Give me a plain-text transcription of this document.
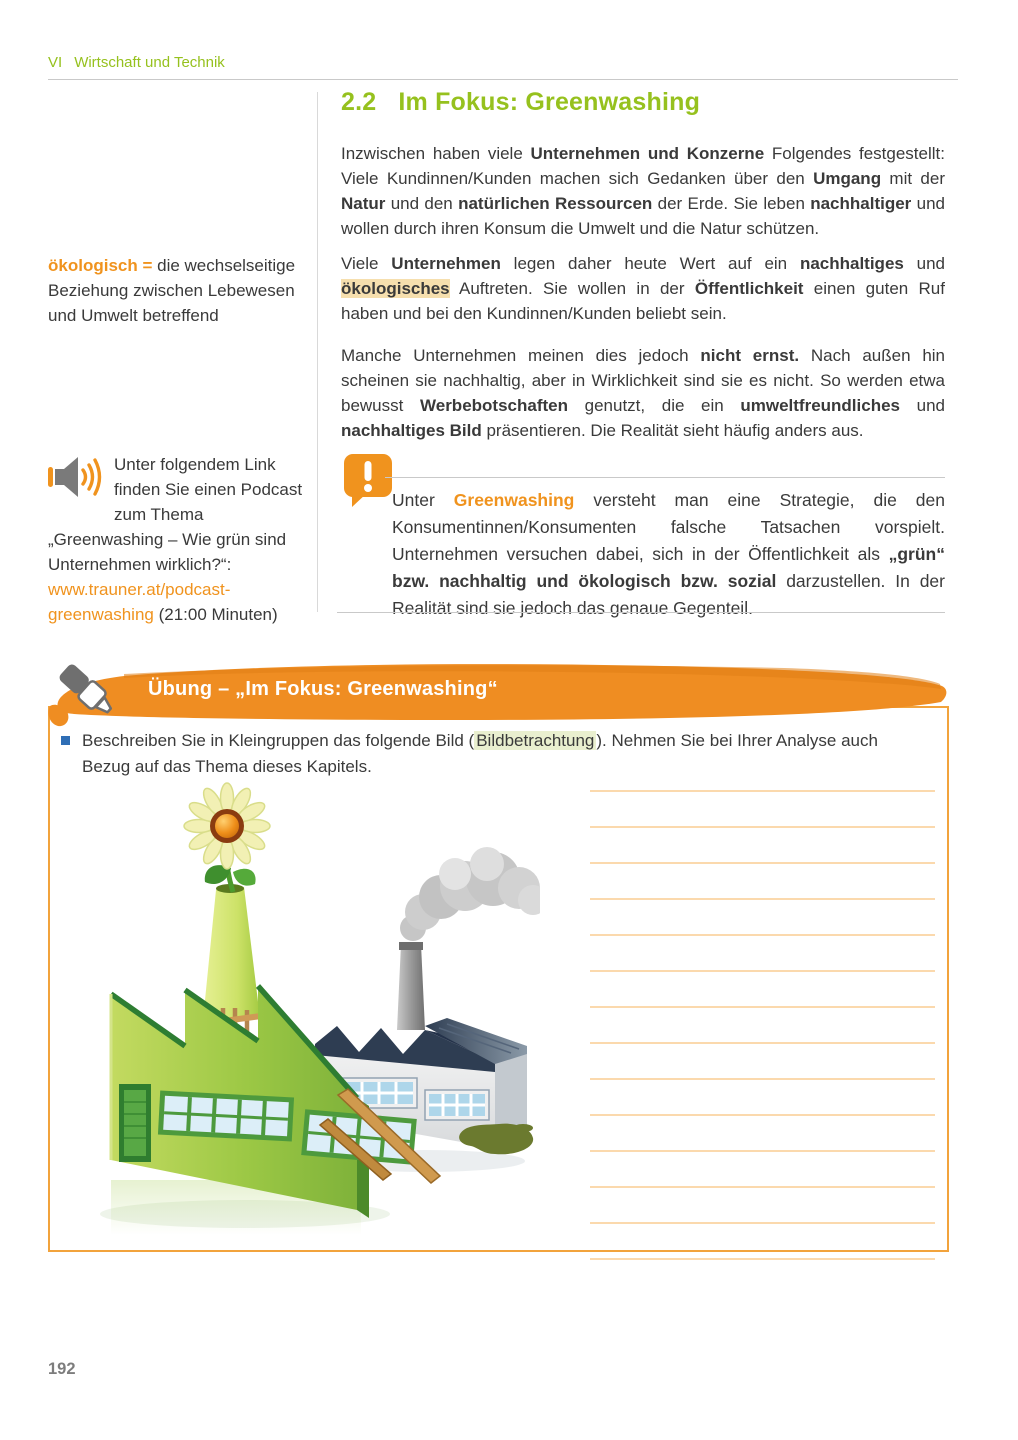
VI Wirtschaft und Technik
2.2 Im Fokus: Greenwashing

Inzwischen haben viele Unternehmen und Konzerne Folgendes festgestellt: Viele Kundinnen/Kunden machen sich Gedanken über den Umgang mit der Natur und den natürlichen Ressourcen der Erde. Sie leben nachhaltiger und wollen durch ihren Konsum die Umwelt und die Natur schützen.

Viele Unternehmen legen daher heute Wert auf ein nachhaltiges und ökologisches Auftreten. Sie wollen in der Öffentlichkeit einen guten Ruf haben und bei den Kundinnen/Kunden beliebt sein.

Manche Unternehmen meinen dies jedoch nicht ernst. Nach außen hin scheinen sie nachhaltig, aber in Wirklichkeit sind sie es nicht. So werden etwa bewusst Werbebotschaften genutzt, die ein umweltfreundliches und nachhaltiges Bild präsentieren. Die Realität sieht häufig anders aus.

ökologisch = die wechselseitige Beziehung zwischen Lebewesen und Umwelt betreffend
Unter folgendem Link finden Sie einen Podcast zum Thema „Greenwashing – Wie grün sind Unternehmen wirklich?“: www.trauner.at/podcast-greenwashing (21:00 Minuten)
Unter Greenwashing versteht man eine Strategie, die den Konsumentinnen/Konsumenten falsche Tatsachen vorspielt. Unternehmen versuchen dabei, sich in der Öffentlichkeit als „grün“ bzw. nachhaltig und ökologisch bzw. sozial darzustellen. In der Realität sind sie jedoch das genaue Gegenteil.
Übung – „Im Fokus: Greenwashing“
Beschreiben Sie in Kleingruppen das folgende Bild ( Bildbetrachtung ). Nehmen Sie bei Ihrer Analyse auch Bezug auf das Thema dieses Kapitels.
192
